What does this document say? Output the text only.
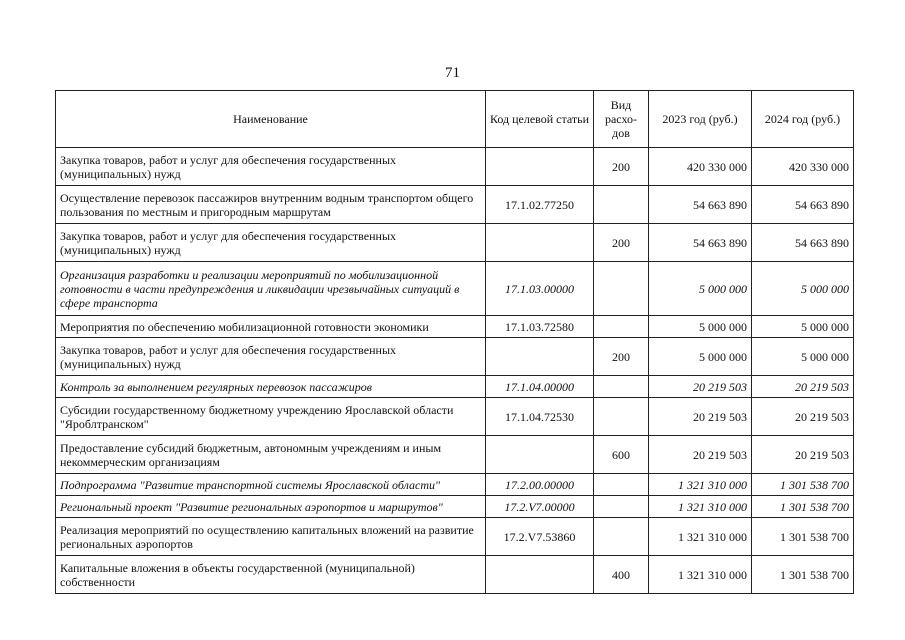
71
Наименование	Код целевой статьи	Вид расхо-дов	2023 год (руб.)	2024 год (руб.)
Закупка товаров, работ и услуг для обеспечения государственных (муниципальных) нужд		200	420 330 000	420 330 000
Осуществление перевозок пассажиров внутренним водным транспортом общего пользования по местным и пригородным маршрутам	17.1.02.77250		54 663 890	54 663 890
Закупка товаров, работ и услуг для обеспечения государственных (муниципальных) нужд		200	54 663 890	54 663 890
Организация разработки и реализации мероприятий по мобилизационной готовности в части предупреждения и ликвидации чрезвычайных ситуаций в сфере транспорта	17.1.03.00000		5 000 000	5 000 000
Мероприятия по обеспечению мобилизационной готовности экономики	17.1.03.72580		5 000 000	5 000 000
Закупка товаров, работ и услуг для обеспечения государственных (муниципальных) нужд		200	5 000 000	5 000 000
Контроль за выполнением регулярных перевозок пассажиров	17.1.04.00000		20 219 503	20 219 503
Субсидии государственному бюджетному учреждению Ярославской области "Яроблтранском"	17.1.04.72530		20 219 503	20 219 503
Предоставление субсидий бюджетным, автономным учреждениям и иным некоммерческим организациям		600	20 219 503	20 219 503
Подпрограмма "Развитие транспортной системы Ярославской области"	17.2.00.00000		1 321 310 000	1 301 538 700
Региональный проект "Развитие региональных аэропортов и маршрутов"	17.2.V7.00000		1 321 310 000	1 301 538 700
Реализация мероприятий по осуществлению капитальных вложений на развитие региональных аэропортов	17.2.V7.53860		1 321 310 000	1 301 538 700
Капитальные вложения в объекты государственной (муниципальной) собственности		400	1 321 310 000	1 301 538 700
